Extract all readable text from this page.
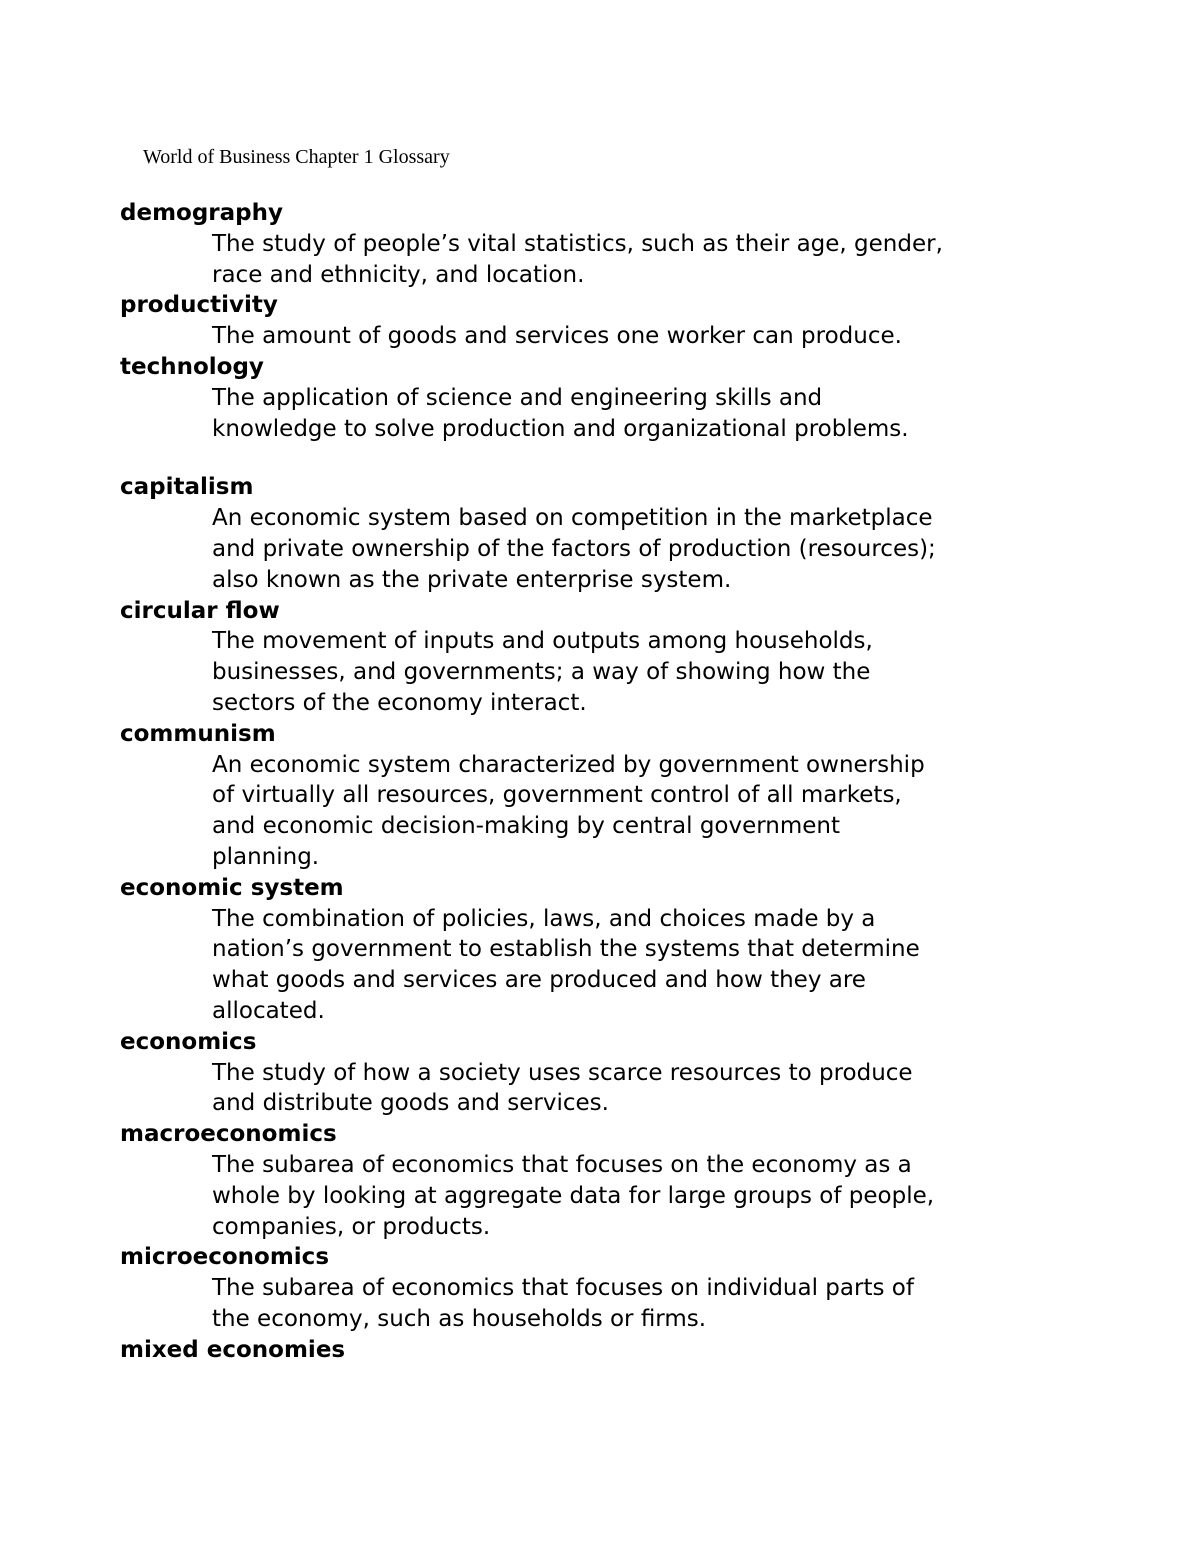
World of Business Chapter 1 Glossary
demography
The study of people’s vital statistics, such as their age, gender,
race and ethnicity, and location.
productivity
The amount of goods and services one worker can produce.
technology
The application of science and engineering skills and
knowledge to solve production and organizational problems.
capitalism
An economic system based on competition in the marketplace
and private ownership of the factors of production (resources);
also known as the private enterprise system.
circular flow
The movement of inputs and outputs among households,
businesses, and governments; a way of showing how the
sectors of the economy interact.
communism
An economic system characterized by government ownership
of virtually all resources, government control of all markets,
and economic decision-making by central government
planning.
economic system
The combination of policies, laws, and choices made by a
nation’s government to establish the systems that determine
what goods and services are produced and how they are
allocated.
economics
The study of how a society uses scarce resources to produce
and distribute goods and services.
macroeconomics
The subarea of economics that focuses on the economy as a
whole by looking at aggregate data for large groups of people,
companies, or products.
microeconomics
The subarea of economics that focuses on individual parts of
the economy, such as households or firms.
mixed economies
